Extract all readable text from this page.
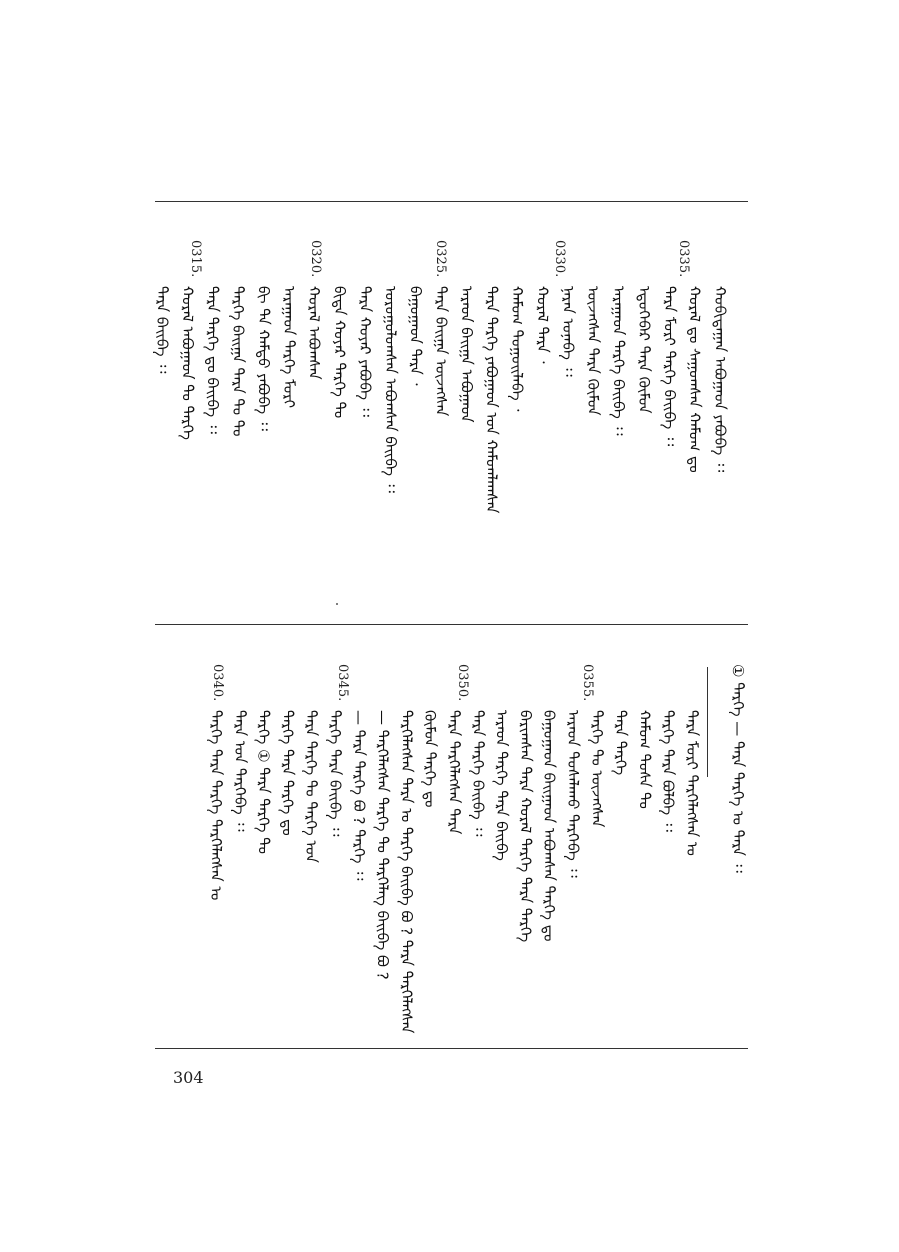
ᠬᠣᠪᠢᠳᠠᠭᠠᠨ ᠠᠪᠤᠭᠠᠳ ᠶᠠᠪᠤᠪᠠ ᠄᠄
ᠬᠤᠷᠠᠯ ᠳᠤ ᠰᠠᠭᠤᠭᠰᠠᠨ ᠬᠠᠮᠤᠭ ᠳᠤ
ᠲᠡᠷᠡ ᠮᠣᠷᠢ ᠲᠡᠷᠭᠡ ᠪᠠᠢᠪᠠ ᠄᠄
ᠡᠳᠦᠭᠡᠪᠡᠷ ᠲᠡᠷᠡ ᠬᠦᠮᠦᠨ
ᠠᠷᠠᠭᠠᠳ ᠲᠡᠷᠭᠡ ᠪᠠᠢᠪᠠ ᠄᠄
ᠦᠵᠡᠭᠰᠡᠨ ᠲᠡᠷᠡ ᠬᠦᠮᠦᠨ
ᠨᠠᠷᠠᠨ ᠤᠨᠠᠪᠠ ᠄᠄
ᠬᠤᠷᠠᠯ ᠲᠠᠷᠠ ᠂
ᠬᠠᠮᠤᠭ ᠳᠤᠭᠤᠢᠯᠠᠪᠠ ᠂
ᠲᠡᠷᠡ ᠲᠡᠷᠭᠡ ᠶᠠᠪᠤᠭᠠᠳ ᠤᠨ ᠬᠠᠮᠤᠭᠯᠠᠭᠰᠠᠨ
ᠠᠷᠠᠳ ᠪᠠᠢᠭᠠ ᠠᠪᠤᠭᠠᠳ
ᠲᠡᠷᠡ ᠪᠠᠢᠭᠠ ᠦᠵᠡᠭᠰᠡᠨ
ᠪᠠᠭᠤᠭᠠᠳ ᠲᠡᠷᠡ ᠂
ᠣᠷᠣᠭᠤᠯᠤᠭᠰᠠᠨ ᠠᠪᠤᠭᠰᠠᠨ ᠪᠠᠢᠪᠠ ᠄᠄
ᠲᠡᠷᠡ ᠬᠣᠶᠠᠷ ᠶᠠᠪᠤᠪᠠ ᠄᠄
ᠪᠢᠳᠡ ᠬᠣᠶᠠᠷ ᠲᠡᠷᠭᠡ ᠲᠤ
ᠬᠤᠷᠠᠯ ᠠᠪᠤᠭᠰᠠᠨ
ᠠᠷᠠᠭᠠᠳ ᠲᠡᠷᠭᠡ ᠮᠣᠷᠢ
ᠪᠢ ᠲᠠ ᠬᠠᠮᠲᠤ ᠶᠠᠪᠤᠪᠠ ᠄᠄
ᠲᠡᠷᠭᠡ ᠪᠠᠢᠭᠠ ᠲᠡᠷᠡ ᠲᠤ ᠲᠤ
ᠲᠡᠷᠡ ᠲᠡᠷᠭᠡ ᠳᠤ ᠪᠠᠢᠪᠠ ᠄᠄
ᠬᠤᠷᠠᠯ ᠠᠪᠤᠭᠠᠳ ᠲᠤ ᠲᠡᠷᠭᠡ
ᠲᠡᠷᠡ ᠪᠠᠢᠪᠠ ᠄᠄
0335.
0330.
0325.
0320.
0315.
ᠲᠡᠷᠡ ᠮᠣᠷᠢ ᠲᠡᠷᠭᠡᠯᠡᠭᠰᠡᠨ ᠤ
ᠲᠡᠷᠭᠡ ᠲᠡᠷᠡ ᠪᠣᠯᠪᠠ ᠄᠄
ᠬᠠᠮᠤᠭ ᠲᠤᠰᠠ ᠲᠤ
ᠲᠡᠷᠡ ᠲᠡᠷᠭᠡ
ᠲᠡᠷᠭᠡ ᠲᠤ ᠦᠵᠡᠭᠰᠡᠨ
ᠠᠷᠠᠳ ᠲᠤᠰᠠᠯᠠᠬᠤ ᠲᠡᠷᠭᠡᠪᠡ ᠄᠄
ᠪᠠᠭᠤᠭᠠᠳ ᠪᠠᠢᠭᠠᠳ ᠠᠪᠤᠭᠰᠠᠨ ᠲᠡᠷᠭᠡ ᠳᠤ
ᠪᠠᠷᠢᠭᠰᠠᠨ ᠲᠡᠷᠡ ᠬᠤᠷᠠᠯ ᠲᠡᠷᠭᠡ ᠲᠡᠷᠡ ᠲᠡᠷᠭᠡ
ᠠᠷᠠᠳ ᠲᠡᠷᠭᠡ ᠲᠡᠷᠡ ᠪᠠᠢᠪᠠ
ᠲᠡᠷᠡ ᠲᠡᠷᠭᠡ ᠪᠠᠢᠪᠠ ᠄᠄
ᠲᠡᠷᠡ ᠲᠡᠷᠭᠡᠯᠡᠭᠰᠡᠨ ᠲᠡᠷᠡ
ᠬᠦᠮᠦᠨ ᠲᠡᠷᠭᠡ ᠳᠤ
ᠲᠡᠷᠭᠡᠯᠡᠭᠰᠡᠨ ᠲᠡᠷᠡ ᠤ ᠲᠡᠷᠭᠡ ᠪᠠᠢᠪᠠ ᠪᠣ ? ᠲᠡᠷᠡ ᠲᠡᠷᠭᠡᠯᠡᠭᠰᠡᠨ
— ᠲᠡᠷᠭᠡᠯᠡᠭᠰᠡᠨ ᠲᠡᠷᠭᠡ ᠲᠤ ᠲᠡᠷᠭᠡᠯᠡᠭ ᠪᠠᠢᠪᠠ ᠪᠣ ?
— ᠲᠡᠷᠡ ᠲᠡᠷᠭᠡ ᠪᠣ ? ᠲᠡᠷᠭᠡ ᠄᠄
ᠲᠡᠷᠭᠡ ᠲᠡᠷᠡ ᠪᠠᠢᠪᠠ ᠄᠄
ᠲᠡᠷᠡ ᠲᠡᠷᠭᠡ ᠲᠤ ᠲᠡᠷᠭᠡ ᠤᠨ
ᠲᠡᠷᠭᠡ ᠲᠡᠷᠡ ᠲᠡᠷᠭᠡ ᠳᠤ
ᠲᠡᠷᠭᠡ ① ᠲᠡᠷᠡ ᠲᠡᠷᠭᠡ ᠲᠤ
ᠲᠡᠷᠡ ᠤᠨ ᠲᠡᠷᠭᠡᠪᠡ ᠄᠄
ᠲᠡᠷᠭᠡ ᠲᠡᠷᠡ ᠲᠡᠷᠭᠡ ᠲᠡᠷᠭᠡᠯᠡᠭᠰᠡᠨ ᠣ
0355.
0350.
0345.
0340.	① ᠲᠡᠷᠭᠡ — ᠲᠡᠷᠡ ᠲᠡᠷᠭᠡ ᠤ ᠲᠡᠷᠡ ᠄᠄
304
